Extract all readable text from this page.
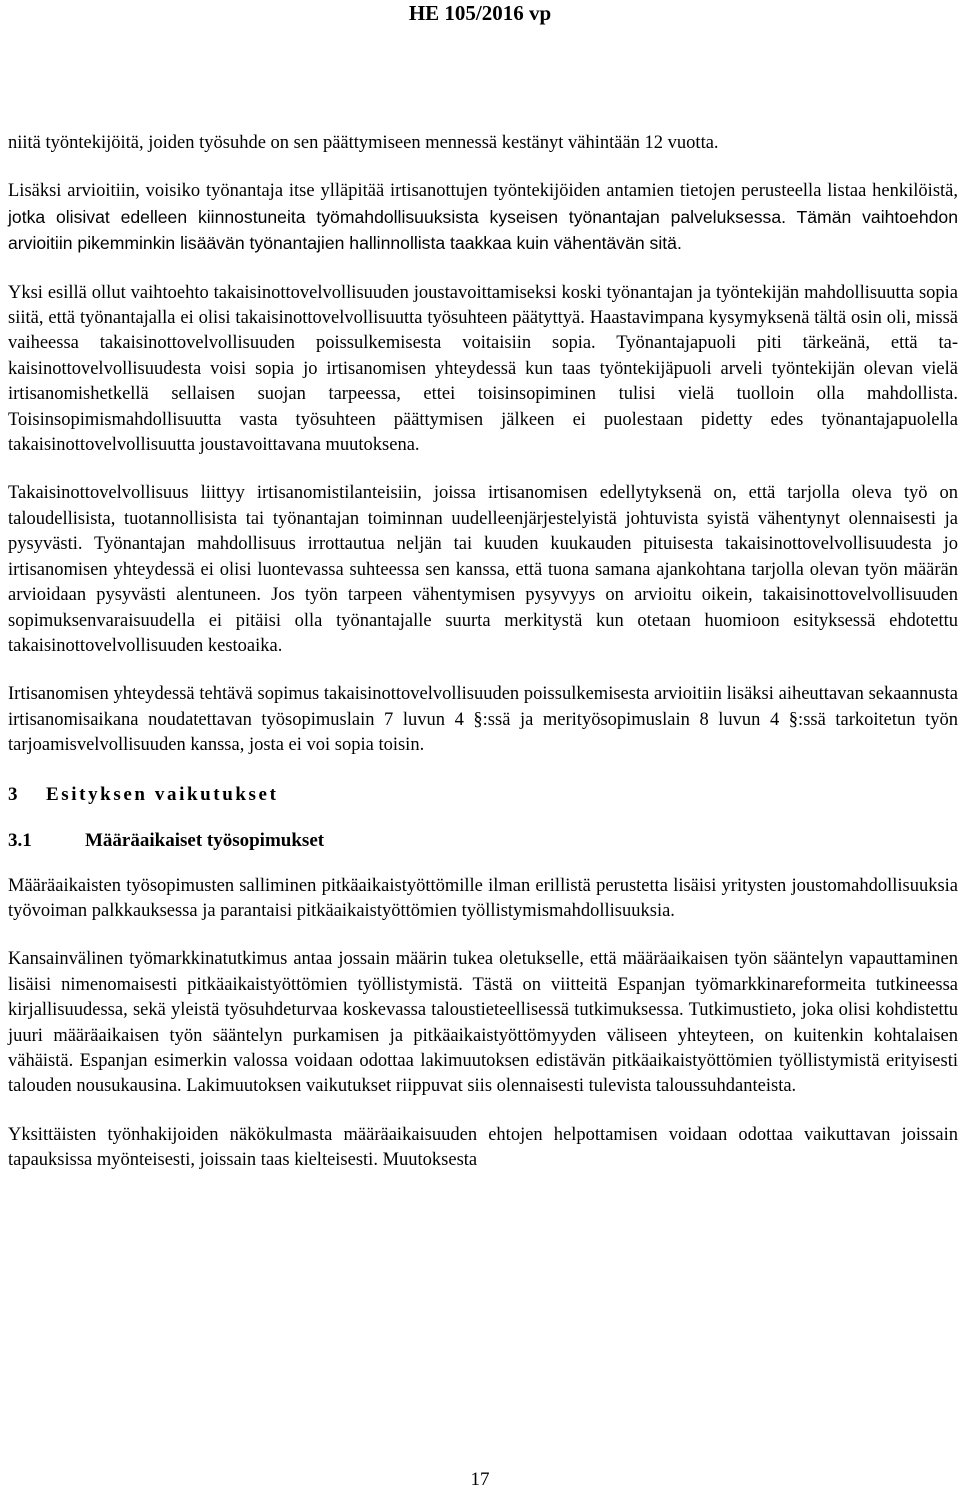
HE 105/2016 vp

niitä työntekijöitä, joiden työsuhde on sen päättymiseen mennessä kestänyt vähintään 12 vuotta.

Lisäksi arvioitiin, voisiko työnantaja itse ylläpitää irtisanottujen työntekijöiden antamien tietojen perusteella listaa henkilöistä, jotka olisivat edelleen kiinnostuneita työmahdollisuuksista kyseisen työnantajan palveluksessa. Tämän vaihtoehdon arvioitiin pikemminkin lisäävän työnantajien hallinnollista taakkaa kuin vähentävän sitä.

Yksi esillä ollut vaihtoehto takaisinottovelvollisuuden joustavoittamiseksi koski työnantajan ja työntekijän mahdollisuutta sopia siitä, että työnantajalla ei olisi takaisinottovelvollisuutta työsuhteen päätyttyä. Haastavimpana kysymyksenä tältä osin oli, missä vaiheessa takaisinottovelvollisuuden poissulkemisesta voitaisiin sopia. Työnantajapuoli piti tärkeänä, että takaisinottovelvollisuudesta voisi sopia jo irtisanomisen yhteydessä kun taas työntekijäpuoli arveli työntekijän olevan vielä irtisanomishetkellä sellaisen suojan tarpeessa, ettei toisinsopiminen tulisi vielä tuolloin olla mahdollista. Toisinsopimismahdollisuutta vasta työsuhteen päättymisen jälkeen ei puolestaan pidetty edes työnantajapuolella takaisinottovelvollisuutta joustavoittavana muutoksena.

Takaisinottovelvollisuus liittyy irtisanomistilanteisiin, joissa irtisanomisen edellytyksenä on, että tarjolla oleva työ on taloudellisista, tuotannollisista tai työnantajan toiminnan uudelleenjärjestelyistä johtuvista syistä vähentynyt olennaisesti ja pysyvästi. Työnantajan mahdollisuus irrottautua neljän tai kuuden kuukauden pituisesta takaisinottovelvollisuudesta jo irtisanomisen yhteydessä ei olisi luontevassa suhteessa sen kanssa, että tuona samana ajankohtana tarjolla olevan työn määrän arvioidaan pysyvästi alentuneen. Jos työn tarpeen vähentymisen pysyvyys on arvioitu oikein, takaisinottovelvollisuuden sopimuksenvaraisuudella ei pitäisi olla työnantajalle suurta merkitystä kun otetaan huomioon esityksessä ehdotettu takaisinottovelvollisuuden kestoaika.

Irtisanomisen yhteydessä tehtävä sopimus takaisinottovelvollisuuden poissulkemisesta arvioitiin lisäksi aiheuttavan sekaannusta irtisanomisaikana noudatettavan työsopimuslain 7 luvun 4 §:ssä ja merityösopimuslain 8 luvun 4 §:ssä tarkoitetun työn tarjoamisvelvollisuuden kanssa, josta ei voi sopia toisin.

3 Esityksen vaikutukset
3.1	Määräaikaiset työsopimukset

Määräaikaisten työsopimusten salliminen pitkäaikaistyöttömille ilman erillistä perustetta lisäisi yritysten joustomahdollisuuksia työvoiman palkkauksessa ja parantaisi pitkäaikaistyöttömien työllistymismahdollisuuksia.

Kansainvälinen työmarkkinatutkimus antaa jossain määrin tukea oletukselle, että määräaikaisen työn sääntelyn vapauttaminen lisäisi nimenomaisesti pitkäaikaistyöttömien työllistymistä. Tästä on viitteitä Espanjan työmarkkinareformeita tutkineessa kirjallisuudessa, sekä yleistä työsuhdeturvaa koskevassa taloustieteellisessä tutkimuksessa. Tutkimustieto, joka olisi kohdistettu juuri määräaikaisen työn sääntelyn purkamisen ja pitkäaikaistyöttömyyden väliseen yhteyteen, on kuitenkin kohtalaisen vähäistä. Espanjan esimerkin valossa voidaan odottaa lakimuutoksen edistävän pitkäaikaistyöttömien työllistymistä erityisesti talouden nousukausina. Lakimuutoksen vaikutukset riippuvat siis olennaisesti tulevista taloussuhdanteista.

Yksittäisten työnhakijoiden näkökulmasta määräaikaisuuden ehtojen helpottamisen voidaan odottaa vaikuttavan joissain tapauksissa myönteisesti, joissain taas kielteisesti. Muutoksesta

17
